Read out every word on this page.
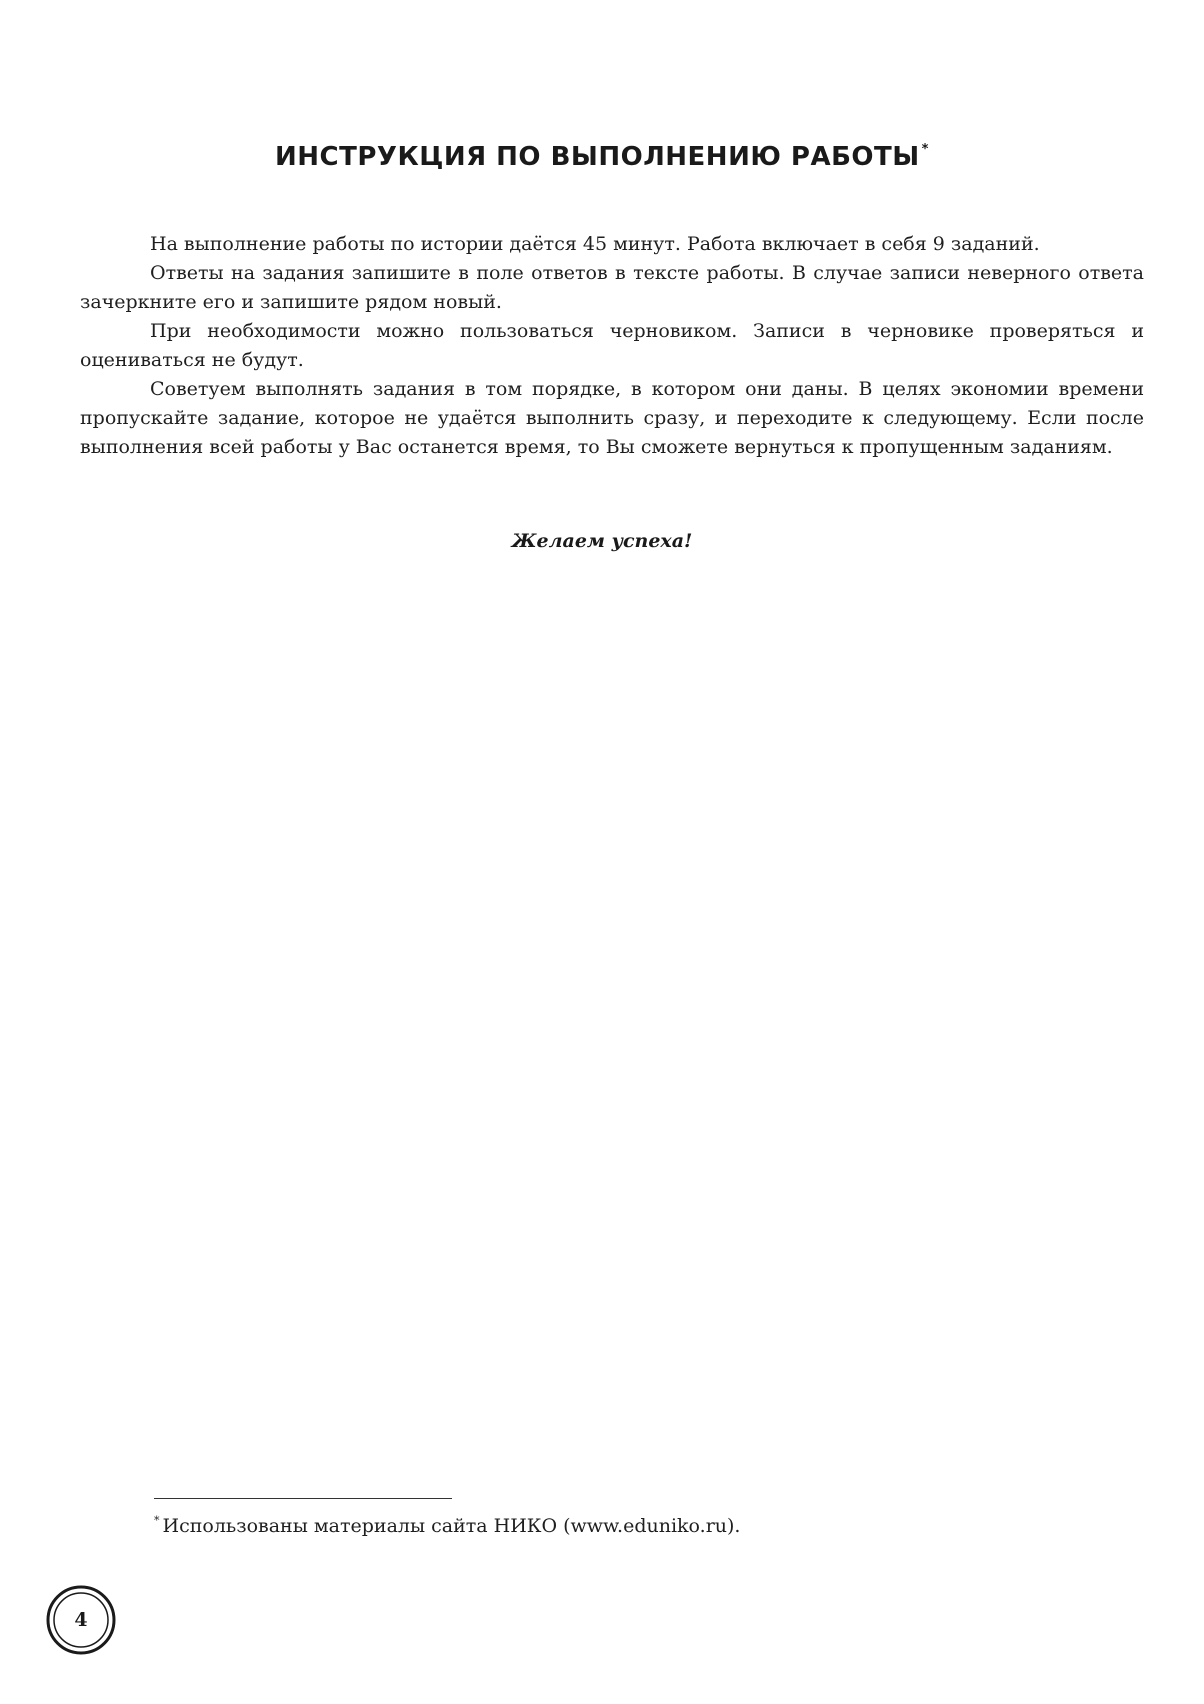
ИНСТРУКЦИЯ ПО ВЫПОЛНЕНИЮ РАБОТЫ *

На выполнение работы по истории даётся 45 минут. Работа включает в себя 9 заданий.

Ответы на задания запишите в поле ответов в тексте работы. В случае записи неверного ответа зачеркните его и запишите рядом новый.

При необходимости можно пользоваться черновиком. Записи в черновике проверяться и оцениваться не будут.

Советуем выполнять задания в том порядке, в котором они даны. В целях экономии времени пропускайте задание, которое не удаётся выполнить сразу, и переходите к следующему. Если после выполнения всей работы у Вас останется время, то Вы сможете вернуться к пропущенным заданиям.

Желаем успеха!
* Использованы материалы сайта НИКО (www.eduniko.ru).
4
